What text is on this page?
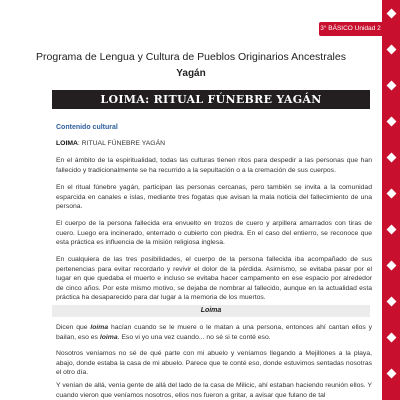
3° BÁSICO Unidad 2
Programa de Lengua y Cultura de Pueblos Originarios Ancestrales
Yagán
LOIMA: RITUAL FÚNEBRE YAGÁN
Contenido cultural
LOIMA: RITUAL FÚNEBRE YAGÁN
En el ámbito de la espiritualidad, todas las culturas tienen ritos para despedir a las personas que han fallecido y tradicionalmente se ha recurrido a la sepultación o a la cremación de sus cuerpos.
En el ritual fúnebre yagán, participan las personas cercanas, pero también se invita a la comunidad esparcida en canales e islas, mediante tres fogatas que avisan la mala noticia del fallecimiento de una persona.
El cuerpo de la persona fallecida era envuelto en trozos de cuero y arpillera amarrados con tiras de cuero. Luego era incinerado, enterrado o cubierto con piedra. En el caso del entierro, se reconoce que esta práctica es influencia de la misión religiosa inglesa.
En cualquiera de las tres posibilidades, el cuerpo de la persona fallecida iba acompañado de sus pertenencias para evitar recordarlo y revivir el dolor de la pérdida. Asimismo, se evitaba pasar por el lugar en que quedaba el muerto e incluso se evitaba hacer campamento en ese espacio por alrededor de cinco años. Por este mismo motivo, se dejaba de nombrar al fallecido, aunque en la actualidad esta práctica ha desaparecido para dar lugar a la memoria de los muertos.
Loima
Dicen que loima hacían cuando se le muere o le matan a una persona, entonces ahí cantan ellos y bailan, eso es loima. Eso vi yo una vez cuando... no sé si te conté eso.
Nosotros veníamos no sé de qué parte con mi abuelo y veníamos llegando a Mejillones a la playa, abajo, donde estaba la casa de mi abuelo. Parece que te conté eso, donde estuvimos sentadas nosotras el otro día.
Y venían de allá, venía gente de allá del lado de la casa de Milicic, ahí estaban haciendo reunión ellos. Y cuando vieron que veníamos nosotros, ellos nos fueron a gritar, a avisar que fulano de tal
